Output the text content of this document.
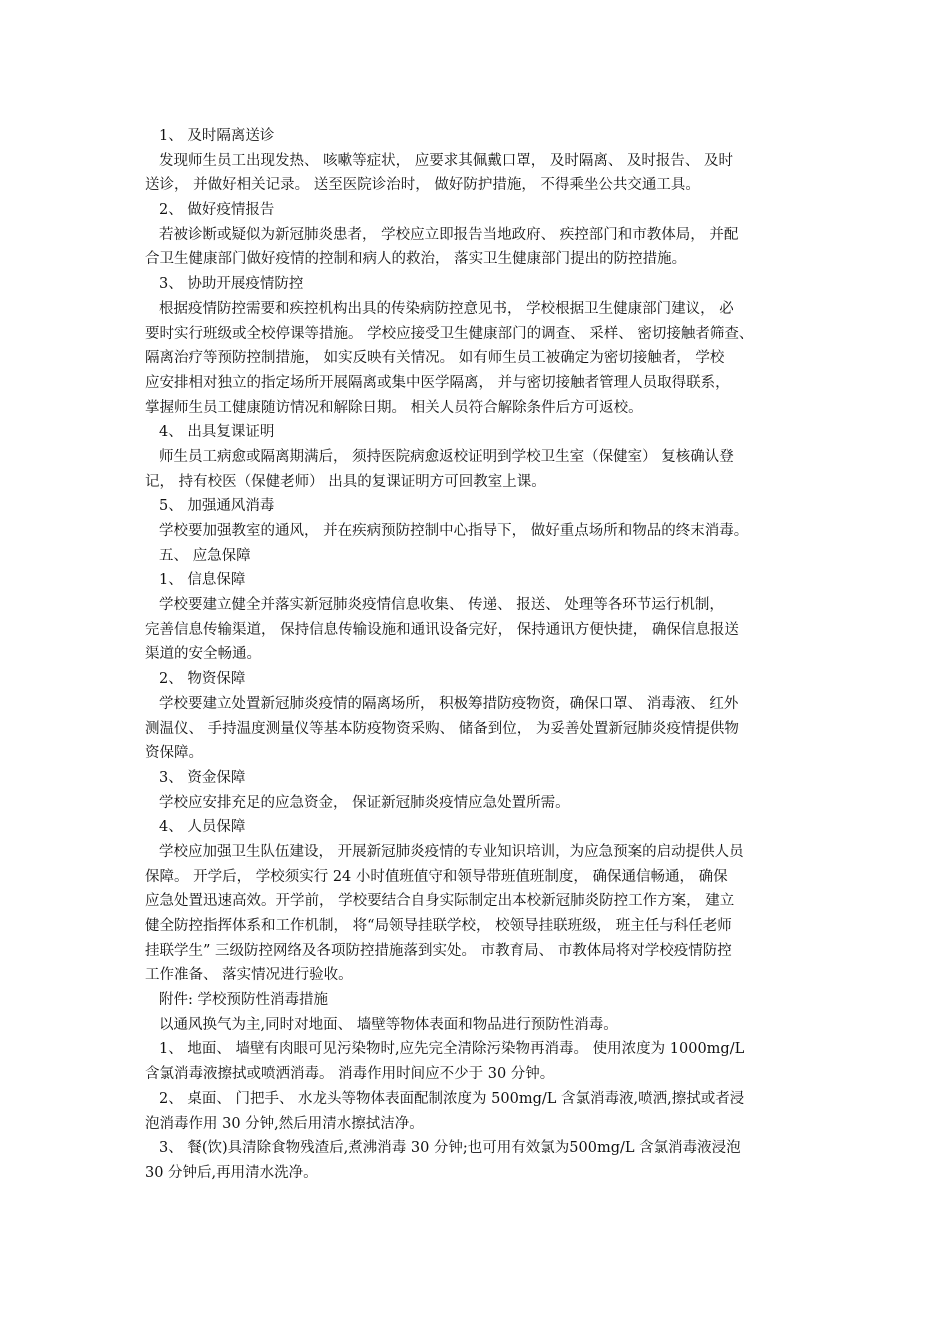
1、 及时隔离送诊

发现师生员工出现发热、 咳嗽等症状， 应要求其佩戴口罩， 及时隔离、 及时报告、 及时

送诊， 并做好相关记录。 送至医院诊治时， 做好防护措施， 不得乘坐公共交通工具。

2、 做好疫情报告

若被诊断或疑似为新冠肺炎患者， 学校应立即报告当地政府、 疾控部门和市教体局， 并配

合卫生健康部门做好疫情的控制和病人的救治， 落实卫生健康部门提出的防控措施。

3、 协助开展疫情防控

根据疫情防控需要和疾控机构出具的传染病防控意见书， 学校根据卫生健康部门建议， 必

要时实行班级或全校停课等措施。 学校应接受卫生健康部门的调查、 采样、 密切接触者筛查、

隔离治疗等预防控制措施， 如实反映有关情况。 如有师生员工被确定为密切接触者， 学校

应安排相对独立的指定场所开展隔离或集中医学隔离， 并与密切接触者管理人员取得联系，

掌握师生员工健康随访情况和解除日期。 相关人员符合解除条件后方可返校。

4、 出具复课证明

师生员工病愈或隔离期满后， 须持医院病愈返校证明到学校卫生室（保健室） 复核确认登

记， 持有校医（保健老师） 出具的复课证明方可回教室上课。

5、 加强通风消毒

学校要加强教室的通风， 并在疾病预防控制中心指导下， 做好重点场所和物品的终末消毒。

五、 应急保障

1、 信息保障

学校要建立健全并落实新冠肺炎疫情信息收集、 传递、 报送、 处理等各环节运行机制，

完善信息传输渠道， 保持信息传输设施和通讯设备完好， 保持通讯方便快捷， 确保信息报送

渠道的安全畅通。

2、 物资保障

学校要建立处置新冠肺炎疫情的隔离场所， 积极筹措防疫物资，确保口罩、 消毒液、 红外

测温仪、 手持温度测量仪等基本防疫物资采购、 储备到位， 为妥善处置新冠肺炎疫情提供物

资保障。

3、 资金保障

学校应安排充足的应急资金， 保证新冠肺炎疫情应急处置所需。

4、 人员保障

学校应加强卫生队伍建设， 开展新冠肺炎疫情的专业知识培训，为应急预案的启动提供人员

保障。 开学后， 学校须实行 24 小时值班值守和领导带班值班制度， 确保通信畅通， 确保

应急处置迅速高效。开学前， 学校要结合自身实际制定出本校新冠肺炎防控工作方案， 建立

健全防控指挥体系和工作机制， 将“局领导挂联学校， 校领导挂联班级， 班主任与科任老师

挂联学生” 三级防控网络及各项防控措施落到实处。 市教育局、 市教体局将对学校疫情防控

工作准备、 落实情况进行验收。

附件: 学校预防性消毒措施

以通风换气为主,同时对地面、 墙壁等物体表面和物品进行预防性消毒。

1、 地面、 墙壁有肉眼可见污染物时,应先完全清除污染物再消毒。 使用浓度为 1000mg/L

含氯消毒液擦拭或喷洒消毒。 消毒作用时间应不少于 30 分钟。

2、 桌面、 门把手、 水龙头等物体表面配制浓度为 500mg/L 含氯消毒液,喷洒,擦拭或者浸

泡消毒作用 30 分钟,然后用清水擦拭洁净。

3、 餐(饮)具清除食物残渣后,煮沸消毒 30 分钟;也可用有效氯为500mg/L 含氯消毒液浸泡

30 分钟后,再用清水洗净。
